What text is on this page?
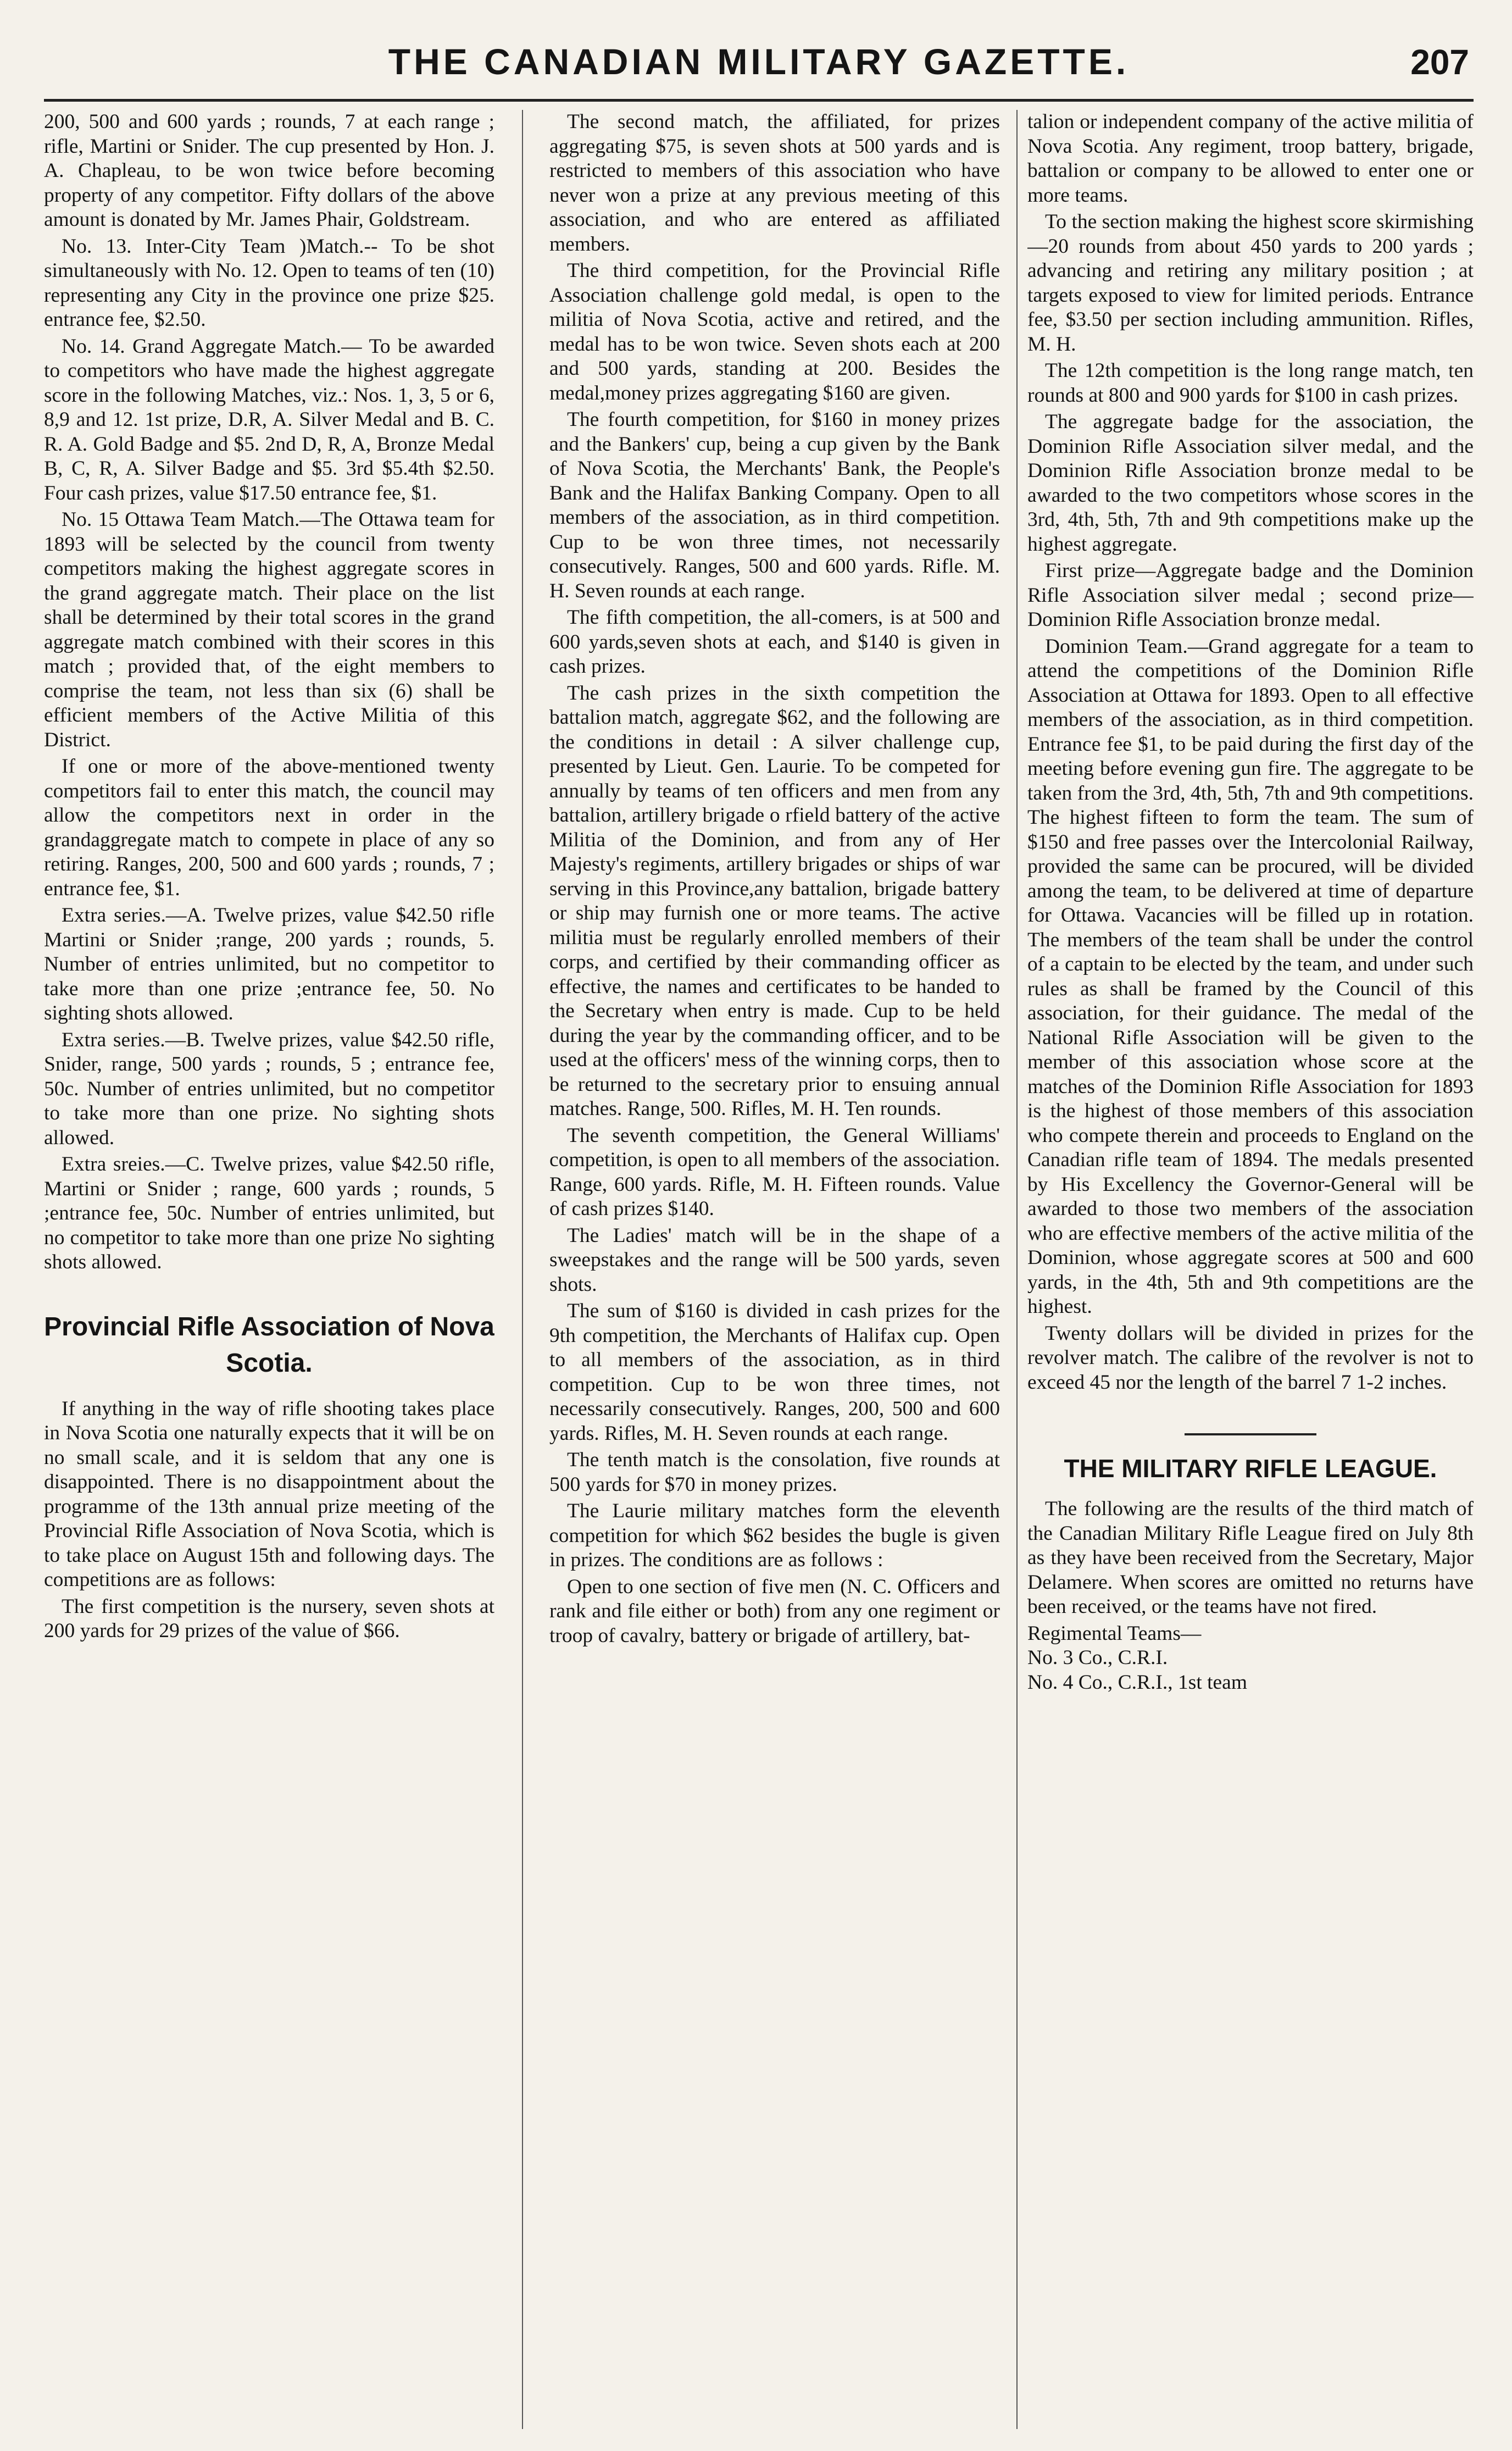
THE CANADIAN MILITARY GAZETTE.	207

200, 500 and 600 yards ; rounds, 7 at each range ; rifle, Martini or Snider. The cup presented by Hon. J. A. Chapleau, to be won twice before becoming property of any competitor. Fifty dollars of the above amount is donated by Mr. James Phair, Goldstream.

No. 13. Inter-City Team )Match.-- To be shot simultaneously with No. 12. Open to teams of ten (10) representing any City in the province one prize $25. entrance fee, $2.50.

No. 14. Grand Aggregate Match.— To be awarded to competitors who have made the highest aggregate score in the following Matches, viz.: Nos. 1, 3, 5 or 6, 8,9 and 12. 1st prize, D.R, A. Silver Medal and B. C. R. A. Gold Badge and $5. 2nd D, R, A, Bronze Medal B, C, R, A. Silver Badge and $5. 3rd $5.4th $2.50. Four cash prizes, value $17.50 entrance fee, $1.

No. 15 Ottawa Team Match.—The Ottawa team for 1893 will be selected by the council from twenty competitors making the highest aggregate scores in the grand aggregate match. Their place on the list shall be determined by their total scores in the grand aggregate match combined with their scores in this match ; provided that, of the eight members to comprise the team, not less than six (6) shall be efficient members of the Active Militia of this District.

If one or more of the above-mentioned twenty competitors fail to enter this match, the council may allow the competitors next in order in the grandaggregate match to compete in place of any so retiring. Ranges, 200, 500 and 600 yards ; rounds, 7 ; entrance fee, $1.

Extra series.—A. Twelve prizes, value $42.50 rifle Martini or Snider ;range, 200 yards ; rounds, 5. Number of entries unlimited, but no competitor to take more than one prize ;entrance fee, 50. No sighting shots allowed.

Extra series.—B. Twelve prizes, value $42.50 rifle, Snider, range, 500 yards ; rounds, 5 ; entrance fee, 50c. Number of entries unlimited, but no competitor to take more than one prize. No sighting shots allowed.

Extra sreies.—C. Twelve prizes, value $42.50 rifle, Martini or Snider ; range, 600 yards ; rounds, 5 ;entrance fee, 50c. Number of entries unlimited, but no competitor to take more than one prize No sighting shots allowed.

Provincial Rifle Association of Nova Scotia.

If anything in the way of rifle shooting takes place in Nova Scotia one naturally expects that it will be on no small scale, and it is seldom that any one is disappointed. There is no disappointment about the programme of the 13th annual prize meeting of the Provincial Rifle Association of Nova Scotia, which is to take place on August 15th and following days. The competitions are as follows:

The first competition is the nursery, seven shots at 200 yards for 29 prizes of the value of $66.

The second match, the affiliated, for prizes aggregating $75, is seven shots at 500 yards and is restricted to members of this association who have never won a prize at any previous meeting of this association, and who are entered as affiliated members.

The third competition, for the Provincial Rifle Association challenge gold medal, is open to the militia of Nova Scotia, active and retired, and the medal has to be won twice. Seven shots each at 200 and 500 yards, standing at 200. Besides the medal,money prizes aggregating $160 are given.

The fourth competition, for $160 in money prizes and the Bankers' cup, being a cup given by the Bank of Nova Scotia, the Merchants' Bank, the People's Bank and the Halifax Banking Company. Open to all members of the association, as in third competition. Cup to be won three times, not necessarily consecutively. Ranges, 500 and 600 yards. Rifle. M. H. Seven rounds at each range.

The fifth competition, the all-comers, is at 500 and 600 yards,seven shots at each, and $140 is given in cash prizes.

The cash prizes in the sixth competition the battalion match, aggregate $62, and the following are the conditions in detail : A silver challenge cup, presented by Lieut. Gen. Laurie. To be competed for annually by teams of ten officers and men from any battalion, artillery brigade o rfield battery of the active Militia of the Dominion, and from any of Her Majesty's regiments, artillery brigades or ships of war serving in this Province,any battalion, brigade battery or ship may furnish one or more teams. The active militia must be regularly enrolled members of their corps, and certified by their commanding officer as effective, the names and certificates to be handed to the Secretary when entry is made. Cup to be held during the year by the commanding officer, and to be used at the officers' mess of the winning corps, then to be returned to the secretary prior to ensuing annual matches. Range, 500. Rifles, M. H. Ten rounds.

The seventh competition, the General Williams' competition, is open to all members of the association. Range, 600 yards. Rifle, M. H. Fifteen rounds. Value of cash prizes $140.

The Ladies' match will be in the shape of a sweepstakes and the range will be 500 yards, seven shots.

The sum of $160 is divided in cash prizes for the 9th competition, the Merchants of Halifax cup. Open to all members of the association, as in third competition. Cup to be won three times, not necessarily consecutively. Ranges, 200, 500 and 600 yards. Rifles, M. H. Seven rounds at each range.

The tenth match is the consolation, five rounds at 500 yards for $70 in money prizes.

The Laurie military matches form the eleventh competition for which $62 besides the bugle is given in prizes. The conditions are as follows :

Open to one section of five men (N. C. Officers and rank and file either or both) from any one regiment or troop of cavalry, battery or brigade of artillery, bat-

talion or independent company of the active militia of Nova Scotia. Any regiment, troop battery, brigade, battalion or company to be allowed to enter one or more teams.

To the section making the highest score skirmishing—20 rounds from about 450 yards to 200 yards ; advancing and retiring any military position ; at targets exposed to view for limited periods. Entrance fee, $3.50 per section including ammunition. Rifles, M. H.

The 12th competition is the long range match, ten rounds at 800 and 900 yards for $100 in cash prizes.

The aggregate badge for the association, the Dominion Rifle Association silver medal, and the Dominion Rifle Association bronze medal to be awarded to the two competitors whose scores in the 3rd, 4th, 5th, 7th and 9th competitions make up the highest aggregate.

First prize—Aggregate badge and the Dominion Rifle Association silver medal ; second prize—Dominion Rifle Association bronze medal.

Dominion Team.—Grand aggregate for a team to attend the competitions of the Dominion Rifle Association at Ottawa for 1893. Open to all effective members of the association, as in third competition. Entrance fee $1, to be paid during the first day of the meeting before evening gun fire. The aggregate to be taken from the 3rd, 4th, 5th, 7th and 9th competitions. The highest fifteen to form the team. The sum of $150 and free passes over the Intercolonial Railway, provided the same can be procured, will be divided among the team, to be delivered at time of departure for Ottawa. Vacancies will be filled up in rotation. The members of the team shall be under the control of a captain to be elected by the team, and under such rules as shall be framed by the Council of this association, for their guidance. The medal of the National Rifle Association will be given to the member of this association whose score at the matches of the Dominion Rifle Association for 1893 is the highest of those members of this association who compete therein and proceeds to England on the Canadian rifle team of 1894. The medals presented by His Excellency the Governor-General will be awarded to those two members of the association who are effective members of the active militia of the Dominion, whose aggregate scores at 500 and 600 yards, in the 4th, 5th and 9th competitions are the highest.

Twenty dollars will be divided in prizes for the revolver match. The calibre of the revolver is not to exceed 45 nor the length of the barrel 7 1-2 inches.

THE MILITARY RIFLE LEAGUE.

The following are the results of the third match of the Canadian Military Rifle League fired on July 8th as they have been received from the Secretary, Major Delamere. When scores are omitted no returns have been received, or the teams have not fired.

Regimental Teams—
No. 3 Co., C.R.I.
No. 4 Co., C.R.I., 1st team
